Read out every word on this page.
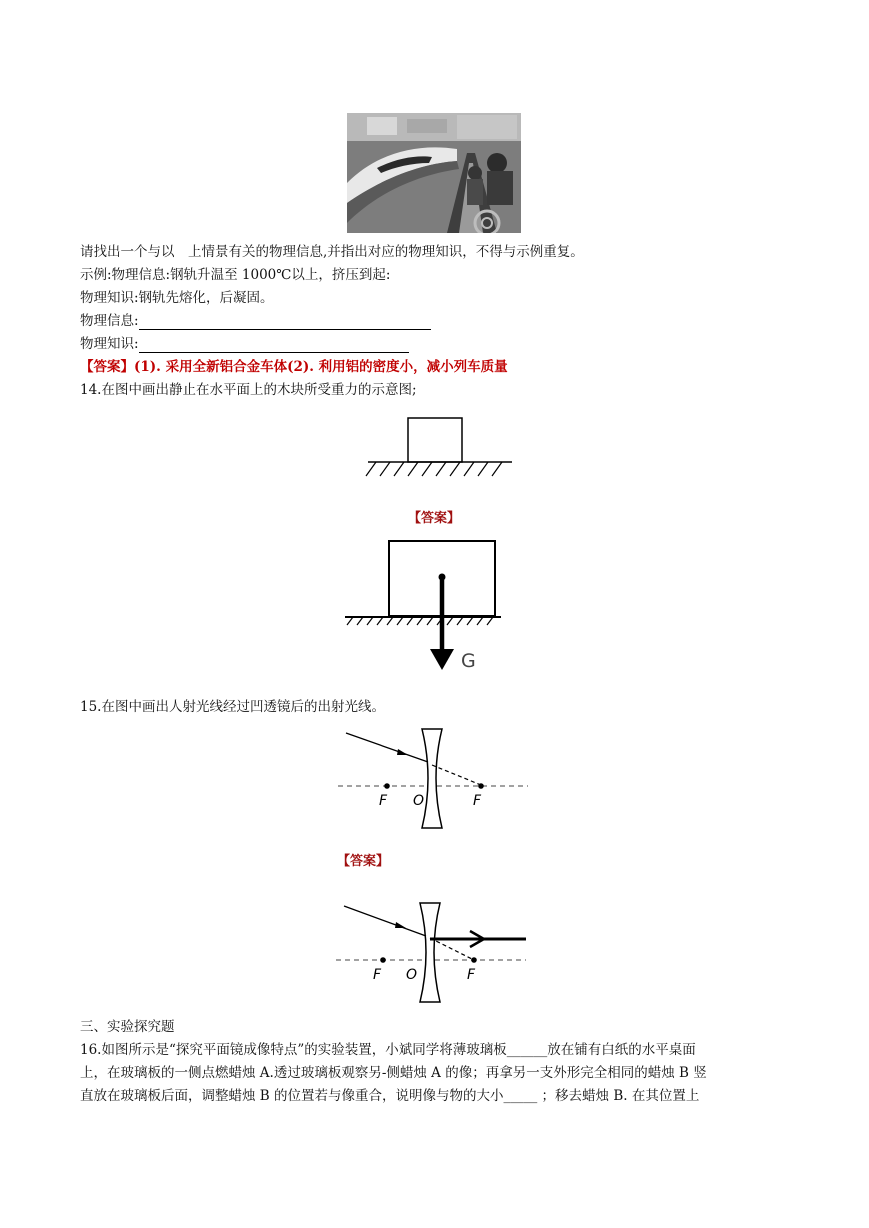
请找出一个与以　上情景有关的物理信息,并指出对应的物理知识，不得与示例重复。
示例:物理信息:钢轨升温至 1000℃以上，挤压到起:
物理知识:钢轨先熔化，后凝固。
物理信息:
物理知识:
【答案】(1). 采用全新铝合金车体(2). 利用铝的密度小，减小列车质量
14.在图中画出静止在水平面上的木块所受重力的示意图;
【答案】
G
15.在图中画出人射光线经过凹透镜后的出射光线。
F O	F
【答案】
F O	F
三、实验探究题
16.如图所示是“探究平面镜成像特点”的实验装置，小斌同学将薄玻璃板______放在铺有白纸的水平桌面
上，在玻璃板的一侧点燃蜡烛 A.透过玻璃板观察另-侧蜡烛 A 的像；再拿另一支外形完全相同的蜡烛 B 竖
直放在玻璃板后面，调整蜡烛 B 的位置若与像重合，说明像与物的大小_____ ；移去蜡烛 B. 在其位置上
